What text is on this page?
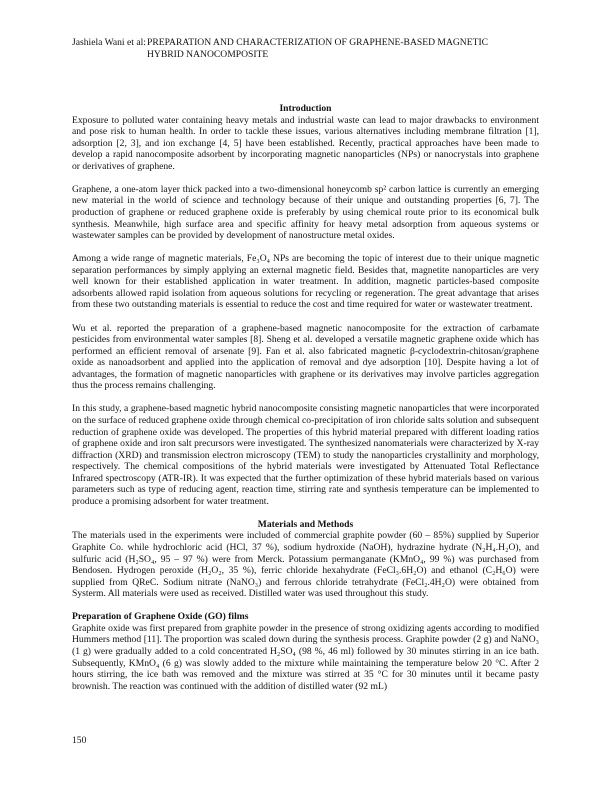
Jashiela Wani et al: PREPARATION AND CHARACTERIZATION OF GRAPHENE-BASED MAGNETIC
HYBRID NANOCOMPOSITE
Introduction

Exposure to polluted water containing heavy metals and industrial waste can lead to major drawbacks to environment and pose risk to human health. In order to tackle these issues, various alternatives including membrane filtration [1], adsorption [2, 3], and ion exchange [4, 5] have been established. Recently, practical approaches have been made to develop a rapid nanocomposite adsorbent by incorporating magnetic nanoparticles (NPs) or nanocrystals into graphene or derivatives of graphene.

Graphene, a one-atom layer thick packed into a two-dimensional honeycomb sp² carbon lattice is currently an emerging new material in the world of science and technology because of their unique and outstanding properties [6, 7]. The production of graphene or reduced graphene oxide is preferably by using chemical route prior to its economical bulk synthesis. Meanwhile, high surface area and specific affinity for heavy metal adsorption from aqueous systems or wastewater samples can be provided by development of nanostructure metal oxides.

Among a wide range of magnetic materials, Fe₃O₄ NPs are becoming the topic of interest due to their unique magnetic separation performances by simply applying an external magnetic field. Besides that, magnetite nanoparticles are very well known for their established application in water treatment. In addition, magnetic particles-based composite adsorbents allowed rapid isolation from aqueous solutions for recycling or regeneration. The great advantage that arises from these two outstanding materials is essential to reduce the cost and time required for water or wastewater treatment.

Wu et al. reported the preparation of a graphene-based magnetic nanocomposite for the extraction of carbamate pesticides from environmental water samples [8]. Sheng et al. developed a versatile magnetic graphene oxide which has performed an efficient removal of arsenate [9]. Fan et al. also fabricated magnetic β-cyclodextrin-chitosan/graphene oxide as nanoadsorbent and applied into the application of removal and dye adsorption [10]. Despite having a lot of advantages, the formation of magnetic nanoparticles with graphene or its derivatives may involve particles aggregation thus the process remains challenging.

In this study, a graphene-based magnetic hybrid nanocomposite consisting magnetic nanoparticles that were incorporated on the surface of reduced graphene oxide through chemical co-precipitation of iron chloride salts solution and subsequent reduction of graphene oxide was developed. The properties of this hybrid material prepared with different loading ratios of graphene oxide and iron salt precursors were investigated. The synthesized nanomaterials were characterized by X-ray diffraction (XRD) and transmission electron microscopy (TEM) to study the nanoparticles crystallinity and morphology, respectively. The chemical compositions of the hybrid materials were investigated by Attenuated Total Reflectance Infrared spectroscopy (ATR-IR). It was expected that the further optimization of these hybrid materials based on various parameters such as type of reducing agent, reaction time, stirring rate and synthesis temperature can be implemented to produce a promising adsorbent for water treatment.

Materials and Methods

The materials used in the experiments were included of commercial graphite powder (60 – 85%) supplied by Superior Graphite Co. while hydrochloric acid (HCl, 37 %), sodium hydroxide (NaOH), hydrazine hydrate (N₂H₄.H₂O), and sulfuric acid (H₂SO₄, 95 – 97 %) were from Merck. Potassium permanganate (KMnO₄, 99 %) was purchased from Bendosen. Hydrogen peroxide (H₂O₂, 35 %), ferric chloride hexahydrate (FeCl₃.6H₂O) and ethanol (C₂H₆O) were supplied from QReC. Sodium nitrate (NaNO₃) and ferrous chloride tetrahydrate (FeCl₂.4H₂O) were obtained from Systerm. All materials were used as received. Distilled water was used throughout this study.

Preparation of Graphene Oxide (GO) films

Graphite oxide was first prepared from graphite powder in the presence of strong oxidizing agents according to modified Hummers method [11]. The proportion was scaled down during the synthesis process. Graphite powder (2 g) and NaNO₃ (1 g) were gradually added to a cold concentrated H₂SO₄ (98 %, 46 ml) followed by 30 minutes stirring in an ice bath. Subsequently, KMnO₄ (6 g) was slowly added to the mixture while maintaining the temperature below 20 °C. After 2 hours stirring, the ice bath was removed and the mixture was stirred at 35 °C for 30 minutes until it became pasty brownish. The reaction was continued with the addition of distilled water (92 mL)

150
